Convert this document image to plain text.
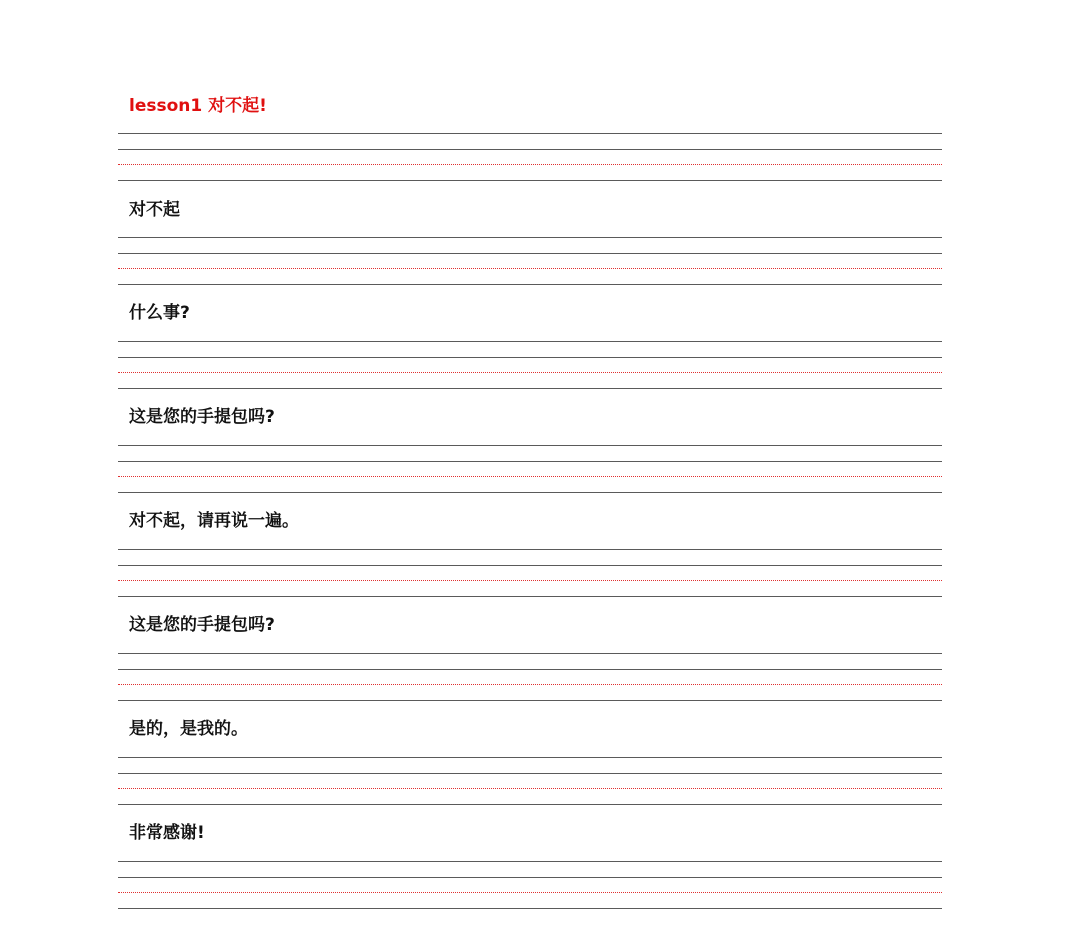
lesson1 对不起!
对不起
什么事?
这是您的手提包吗?
对不起，请再说一遍。
这是您的手提包吗?
是的，是我的。
非常感谢!
